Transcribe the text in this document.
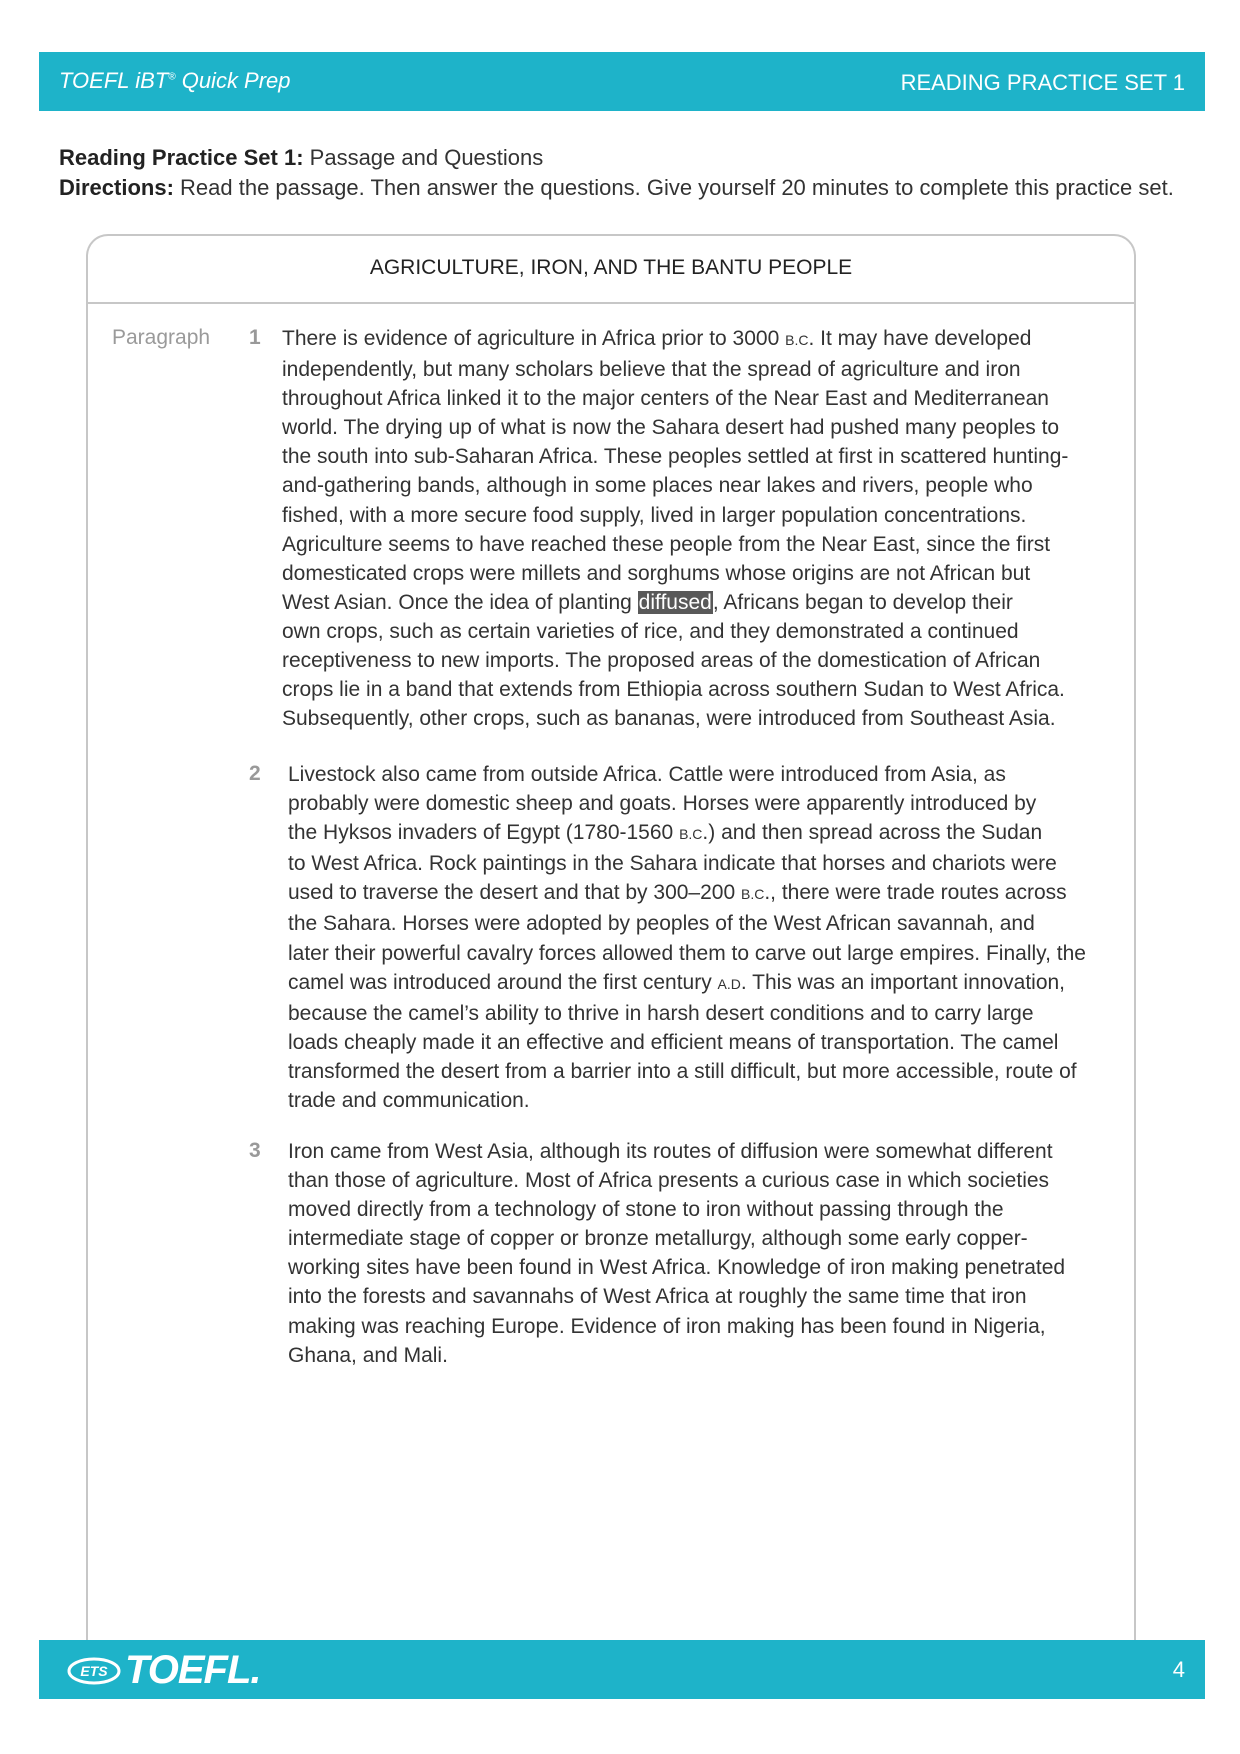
TOEFL iBT® Quick Prep	READING PRACTICE SET 1
Reading Practice Set 1: Passage and Questions
Directions: Read the passage. Then answer the questions. Give yourself 20 minutes to complete this practice set.
AGRICULTURE, IRON, AND THE BANTU PEOPLE
Paragraph 1 There is evidence of agriculture in Africa prior to 3000 B.C. It may have developed
independently, but many scholars believe that the spread of agriculture and iron
throughout Africa linked it to the major centers of the Near East and Mediterranean
world. The drying up of what is now the Sahara desert had pushed many peoples to
the south into sub-Saharan Africa. These peoples settled at first in scattered hunting-
and-gathering bands, although in some places near lakes and rivers, people who
fished, with a more secure food supply, lived in larger population concentrations.
Agriculture seems to have reached these people from the Near East, since the first
domesticated crops were millets and sorghums whose origins are not African but
West Asian. Once the idea of planting diffused, Africans began to develop their
own crops, such as certain varieties of rice, and they demonstrated a continued
receptiveness to new imports. The proposed areas of the domestication of African
crops lie in a band that extends from Ethiopia across southern Sudan to West Africa.
Subsequently, other crops, such as bananas, were introduced from Southeast Asia.
2 Livestock also came from outside Africa. Cattle were introduced from Asia, as
probably were domestic sheep and goats. Horses were apparently introduced by
the Hyksos invaders of Egypt (1780-1560 B.C.) and then spread across the Sudan
to West Africa. Rock paintings in the Sahara indicate that horses and chariots were
used to traverse the desert and that by 300–200 B.C., there were trade routes across
the Sahara. Horses were adopted by peoples of the West African savannah, and
later their powerful cavalry forces allowed them to carve out large empires. Finally, the
camel was introduced around the first century A.D. This was an important innovation,
because the camel’s ability to thrive in harsh desert conditions and to carry large
loads cheaply made it an effective and efficient means of transportation. The camel
transformed the desert from a barrier into a still difficult, but more accessible, route of
trade and communication.
3 Iron came from West Asia, although its routes of diffusion were somewhat different
than those of agriculture. Most of Africa presents a curious case in which societies
moved directly from a technology of stone to iron without passing through the
intermediate stage of copper or bronze metallurgy, although some early copper-
working sites have been found in West Africa. Knowledge of iron making penetrated
into the forests and savannahs of West Africa at roughly the same time that iron
making was reaching Europe. Evidence of iron making has been found in Nigeria,
Ghana, and Mali.
ETS TOEFL.	4
